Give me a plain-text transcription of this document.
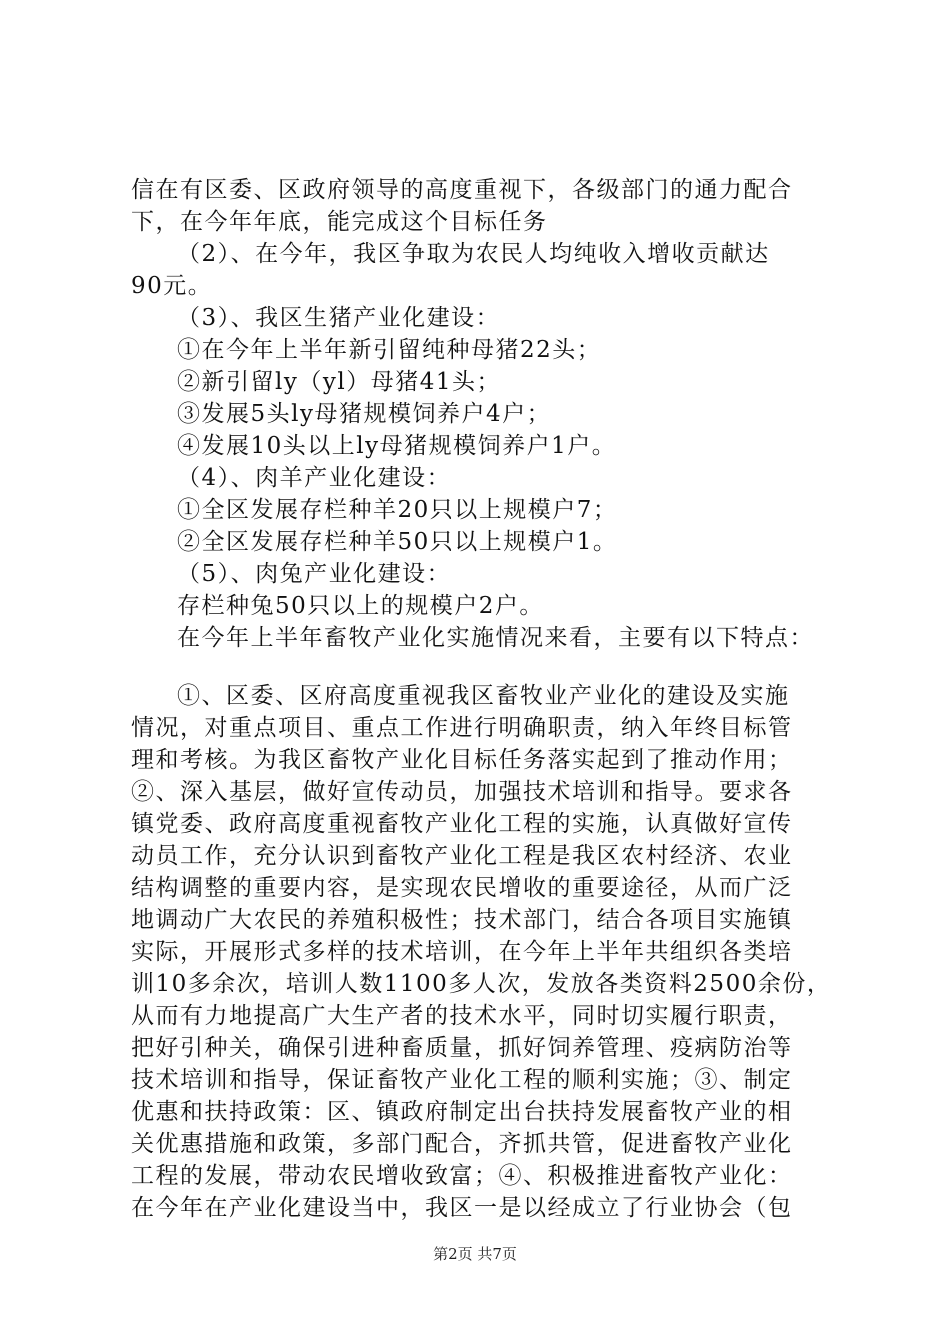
信在有区委、区政府领导的高度重视下，各级部门的通力配合
下，在今年年底，能完成这个目标任务
（2）、在今年，我区争取为农民人均纯收入增收贡献达
90元。
（3）、我区生猪产业化建设：
①在今年上半年新引留纯种母猪22头；
②新引留ly（yl）母猪41头；
③发展5头ly母猪规模饲养户4户；
④发展10头以上ly母猪规模饲养户1户。
（4）、肉羊产业化建设：
①全区发展存栏种羊20只以上规模户7；
②全区发展存栏种羊50只以上规模户1。
（5）、肉兔产业化建设：
存栏种兔50只以上的规模户2户。
在今年上半年畜牧产业化实施情况来看，主要有以下特点：
①、区委、区府高度重视我区畜牧业产业化的建设及实施
情况，对重点项目、重点工作进行明确职责，纳入年终目标管
理和考核。为我区畜牧产业化目标任务落实起到了推动作用；
②、深入基层，做好宣传动员，加强技术培训和指导。要求各
镇党委、政府高度重视畜牧产业化工程的实施，认真做好宣传
动员工作，充分认识到畜牧产业化工程是我区农村经济、农业
结构调整的重要内容，是实现农民增收的重要途径，从而广泛
地调动广大农民的养殖积极性；技术部门，结合各项目实施镇
实际，开展形式多样的技术培训，在今年上半年共组织各类培
训10多余次，培训人数1100多人次，发放各类资料2500余份，
从而有力地提高广大生产者的技术水平，同时切实履行职责，
把好引种关，确保引进种畜质量，抓好饲养管理、疫病防治等
技术培训和指导，保证畜牧产业化工程的顺利实施；③、制定
优惠和扶持政策：区、镇政府制定出台扶持发展畜牧产业的相
关优惠措施和政策，多部门配合，齐抓共管，促进畜牧产业化
工程的发展，带动农民增收致富；④、积极推进畜牧产业化：
在今年在产业化建设当中，我区一是以经成立了行业协会（包
第2页 共7页
